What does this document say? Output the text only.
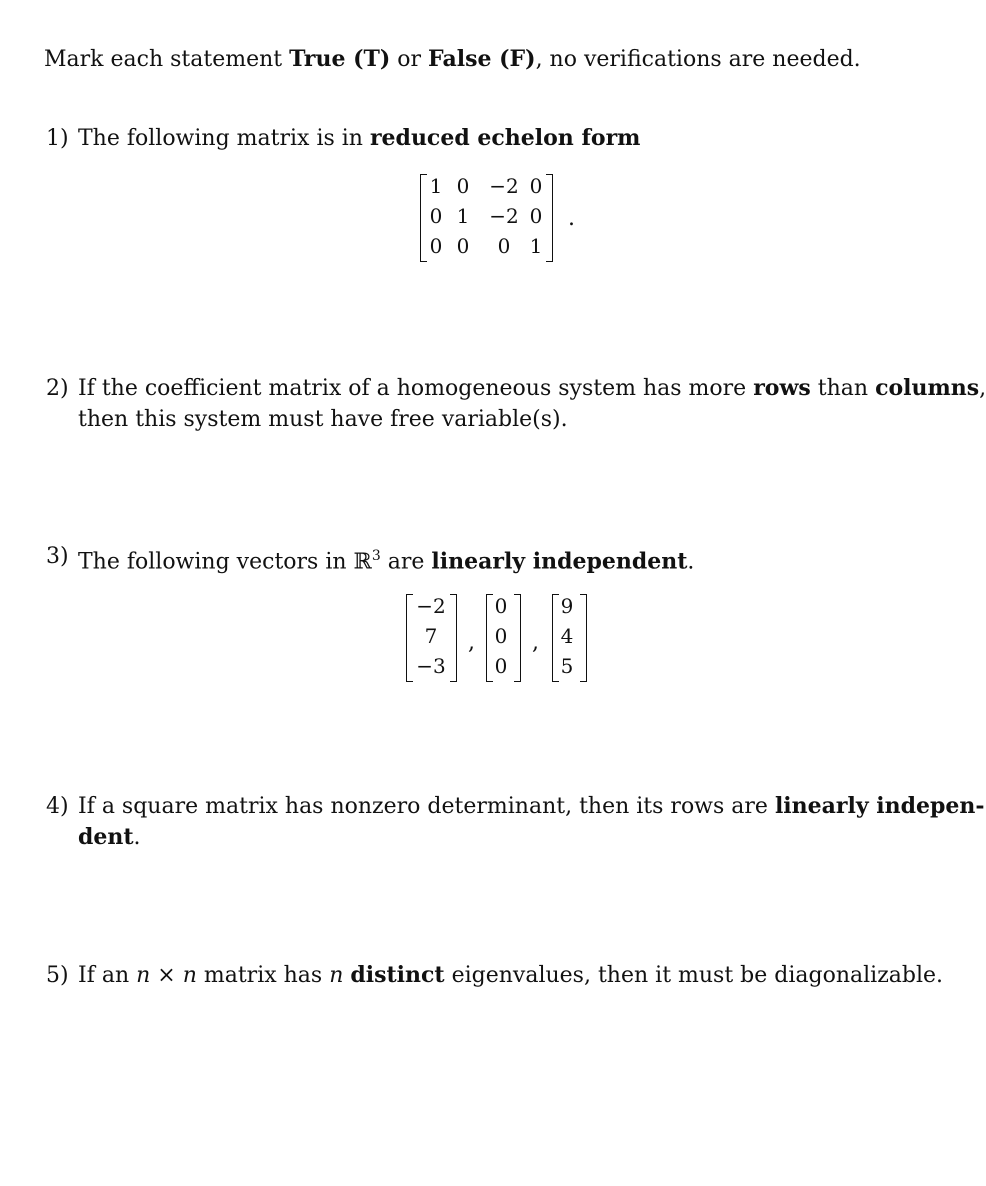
Mark each statement True (T) or False (F), no verifications are needed.
1) The following matrix is in reduced echelon form
1 0 −2 0
0 1 −2 0
0 0	0 1
.
2) If the coefficient matrix of a homogeneous system has more rows than columns,
then this system must have free variable(s).
3) The following vectors in ℝ$^3$ are linearly independent.
−2
7
−3
,
0
0
0
,
9
4
5
4) If a square matrix has nonzero determinant, then its rows are linearly indepen-
dent.
5) If an n × n matrix has n distinct eigenvalues, then it must be diagonalizable.
